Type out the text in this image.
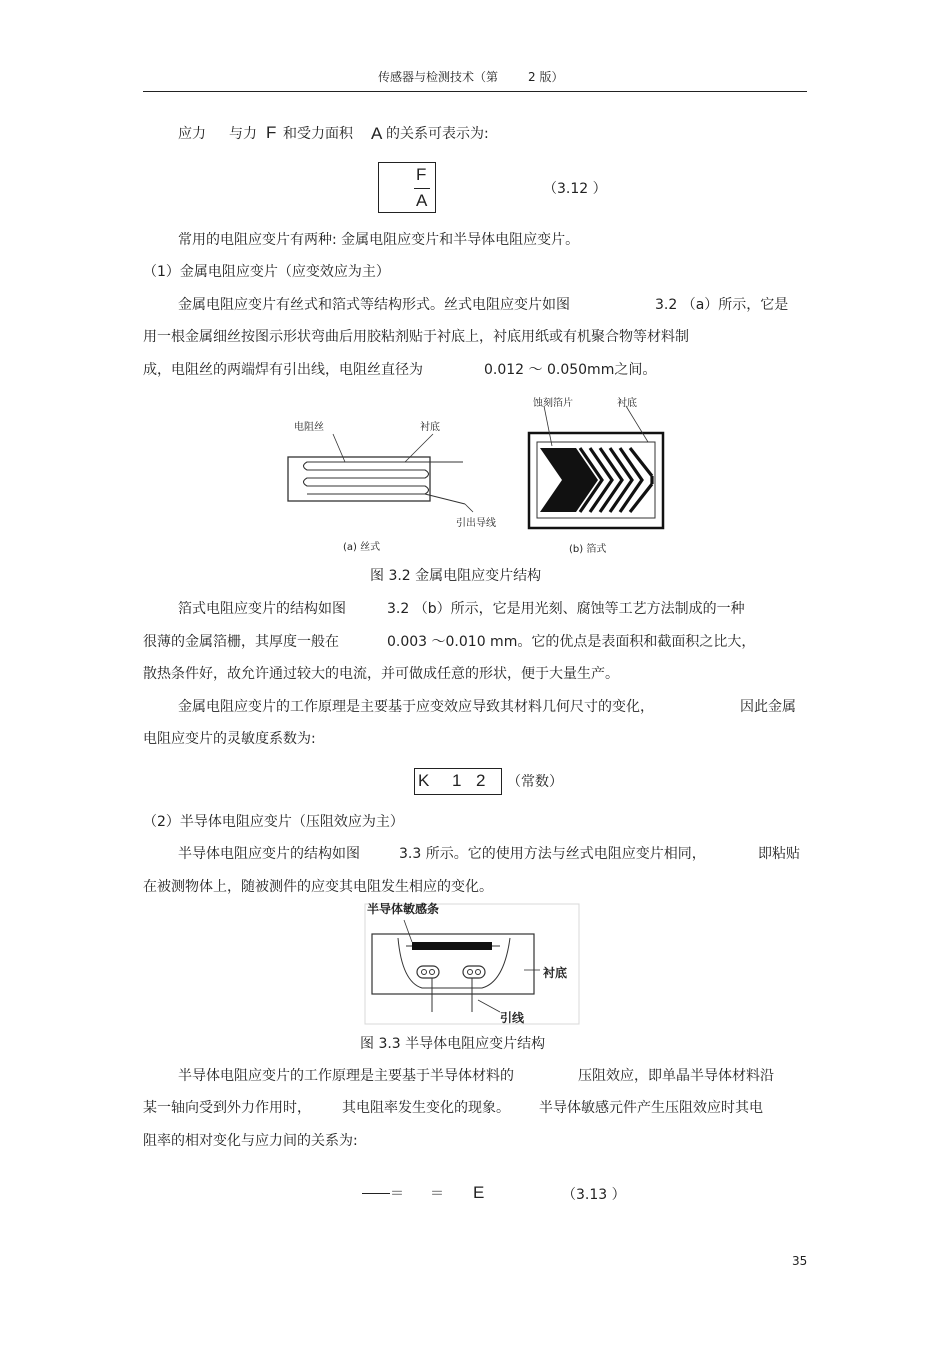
传感器与检测技术（第 2 版）
应力 与力 F 和受力面积 A 的关系可表示为:
F
A
（3.12 ）
常用的电阻应变片有两种: 金属电阻应变片和半导体电阻应变片。
（1）金属电阻应变片（应变效应为主）
金属电阻应变片有丝式和箔式等结构形式。丝式电阻应变片如图	3.2 （a）所示，它是
用一根金属细丝按图示形状弯曲后用胶粘剂贴于衬底上，衬底用纸或有机聚合物等材料制
成，电阻丝的两端焊有引出线，电阻丝直径为	0.012 ～ 0.050mm之间。
电阻丝	衬底
引出导线
(a) 丝式
蚀刻箔片	衬底
(b) 箔式
图 3.2 金属电阻应变片结构
箔式电阻应变片的结构如图	3.2 （b）所示，它是用光刻、腐蚀等工艺方法制成的一种
很薄的金属箔栅，其厚度一般在	0.003 ～0.010 mm。它的优点是表面积和截面积之比大，
散热条件好，故允许通过较大的电流，并可做成任意的形状，便于大量生产。
金属电阻应变片的工作原理是主要基于应变效应导致其材料几何尺寸的变化，	因此金属
电阻应变片的灵敏度系数为:
K 1 2 （常数）
（2）半导体电阻应变片（压阻效应为主）
半导体电阻应变片的结构如图	3.3 所示。它的使用方法与丝式电阻应变片相同，	即粘贴
在被测物体上，随被测件的应变其电阻发生相应的变化。
半导体敏感条
衬底
引线
图 3.3 半导体电阻应变片结构
半导体电阻应变片的工作原理是主要基于半导体材料的	压阻效应，即单晶半导体材料沿
某一轴向受到外力作用时， 其电阻率发生变化的现象。 半导体敏感元件产生压阻效应时其电
阻率的相对变化与应力间的关系为:
＝ ＝ E	（3.13 ）
35
